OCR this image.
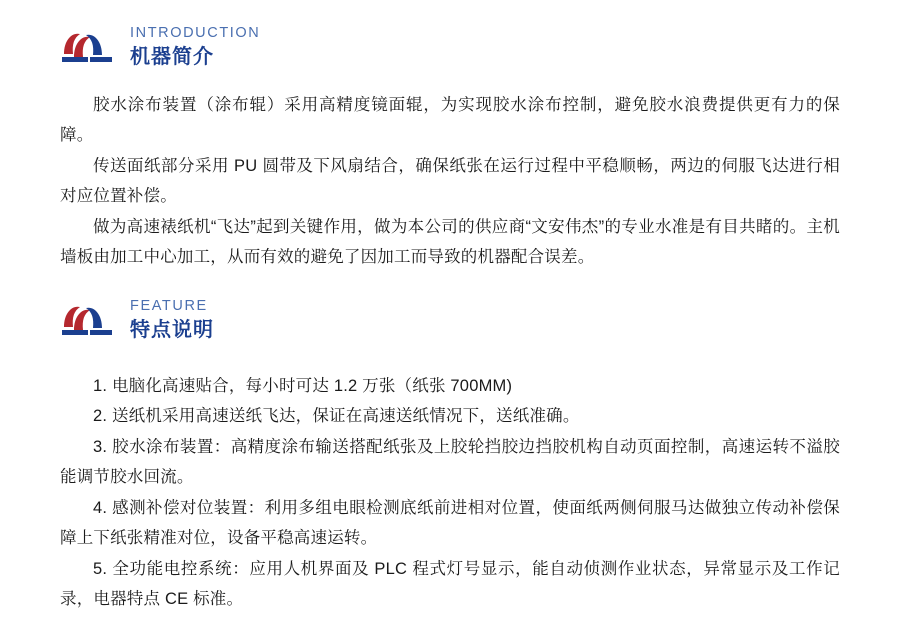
INTRODUCTION
机器简介

胶水涂布装置（涂布辊）采用高精度镜面辊，为实现胶水涂布控制，避免胶水浪费提供更有力的保障。

传送面纸部分采用 PU 圆带及下风扇结合，确保纸张在运行过程中平稳顺畅，两边的伺服飞达进行相对应位置补偿。

做为高速裱纸机“飞达”起到关键作用，做为本公司的供应商“文安伟杰”的专业水准是有目共睹的。主机墙板由加工中心加工，从而有效的避免了因加工而导致的机器配合误差。

FEATURE
特点说明

1. 电脑化高速贴合，每小时可达 1.2 万张（纸张 700MM)

2. 送纸机采用高速送纸飞达，保证在高速送纸情况下，送纸准确。

3. 胶水涂布装置：高精度涂布输送搭配纸张及上胶轮挡胶边挡胶机构自动页面控制，高速运转不溢胶能调节胶水回流。

4. 感测补偿对位装置：利用多组电眼检测底纸前进相对位置，使面纸两侧伺服马达做独立传动补偿保障上下纸张精准对位，设备平稳高速运转。

5. 全功能电控系统：应用人机界面及 PLC 程式灯号显示，能自动侦测作业状态，异常显示及工作记录，电器特点 CE 标准。
